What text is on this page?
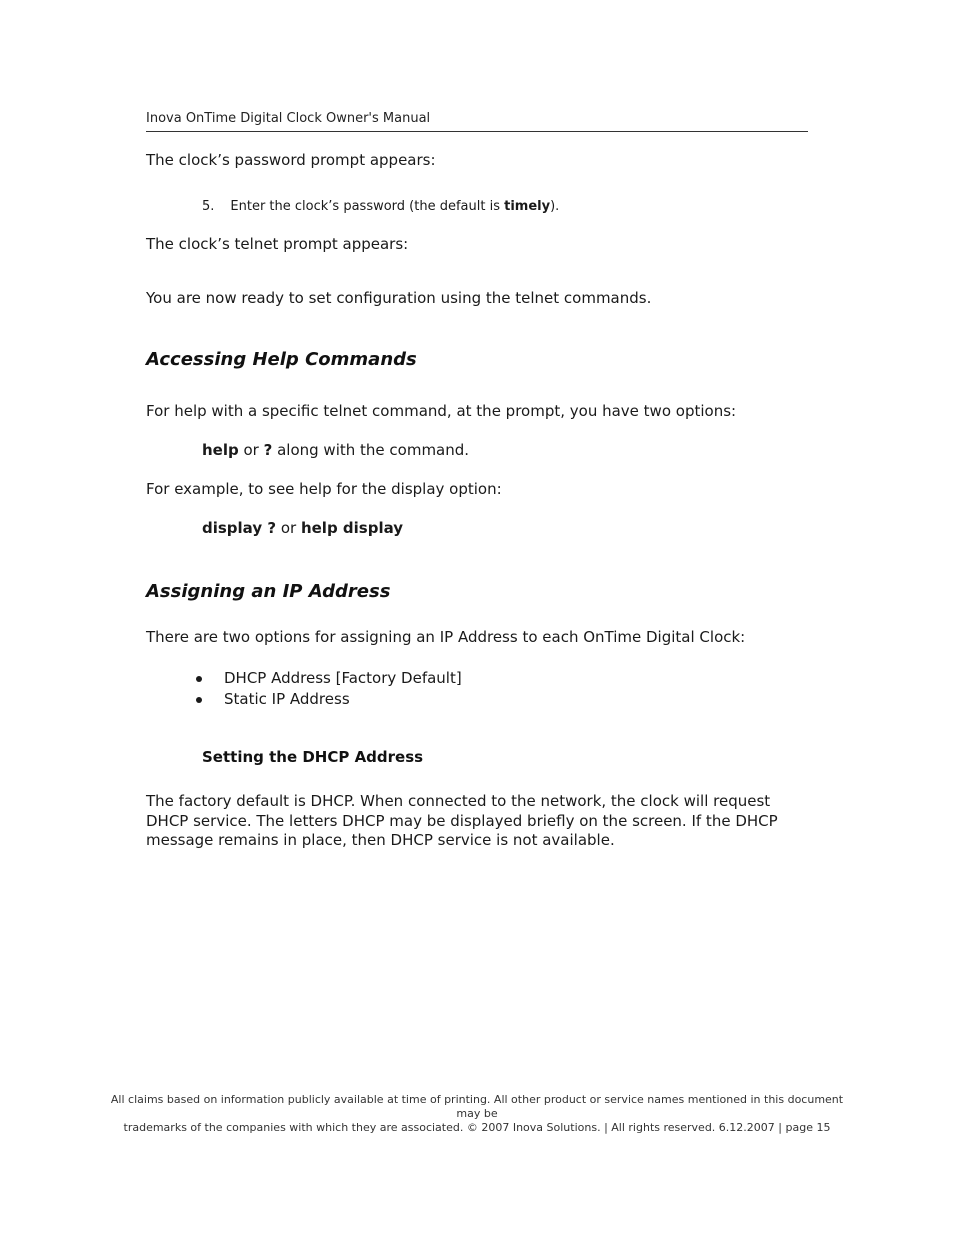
Inova OnTime Digital Clock Owner's Manual
The clock’s password prompt appears:
5. Enter the clock’s password (the default is timely).
The clock’s telnet prompt appears:
You are now ready to set configuration using the telnet commands.
Accessing Help Commands
For help with a specific telnet command, at the prompt, you have two options:
help or ? along with the command.
For example, to see help for the display option:
display ? or help display
Assigning an IP Address
There are two options for assigning an IP Address to each OnTime Digital Clock:
DHCP Address [Factory Default]
Static IP Address
Setting the DHCP Address
The factory default is DHCP. When connected to the network, the clock will request DHCP service. The letters DHCP may be displayed briefly on the screen. If the DHCP message remains in place, then DHCP service is not available.
All claims based on information publicly available at time of printing. All other product or service names mentioned in this document may be
trademarks of the companies with which they are associated. © 2007 Inova Solutions. | All rights reserved. 6.12.2007 | page 15
